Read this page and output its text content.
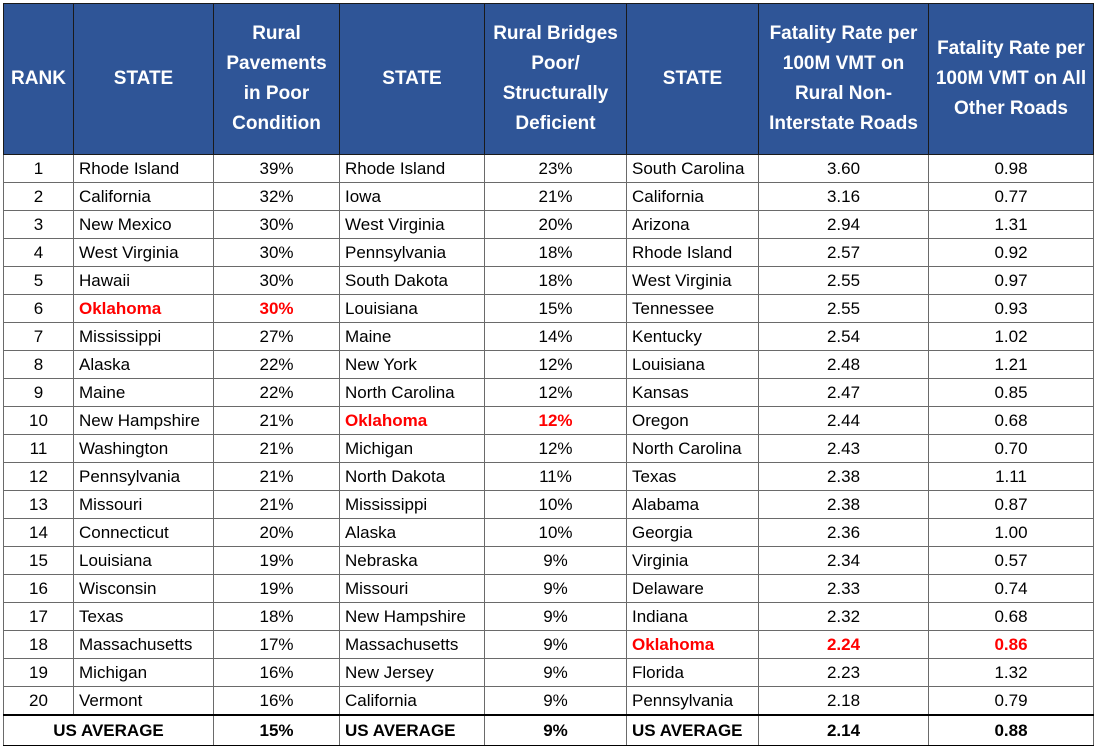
RANK	STATE	Rural Pavements in Poor Condition	STATE	Rural Bridges Poor/ Structurally Deficient	STATE	Fatality Rate per 100M VMT on Rural Non-Interstate Roads	Fatality Rate per 100M VMT on All Other Roads
1	Rhode Island	39%	Rhode Island	23%	South Carolina	3.60	0.98
2	California	32%	Iowa	21%	California	3.16	0.77
3	New Mexico	30%	West Virginia	20%	Arizona	2.94	1.31
4	West Virginia	30%	Pennsylvania	18%	Rhode Island	2.57	0.92
5	Hawaii	30%	South Dakota	18%	West Virginia	2.55	0.97
6	Oklahoma	30%	Louisiana	15%	Tennessee	2.55	0.93
7	Mississippi	27%	Maine	14%	Kentucky	2.54	1.02
8	Alaska	22%	New York	12%	Louisiana	2.48	1.21
9	Maine	22%	North Carolina	12%	Kansas	2.47	0.85
10	New Hampshire	21%	Oklahoma	12%	Oregon	2.44	0.68
11	Washington	21%	Michigan	12%	North Carolina	2.43	0.70
12	Pennsylvania	21%	North Dakota	11%	Texas	2.38	1.11
13	Missouri	21%	Mississippi	10%	Alabama	2.38	0.87
14	Connecticut	20%	Alaska	10%	Georgia	2.36	1.00
15	Louisiana	19%	Nebraska	9%	Virginia	2.34	0.57
16	Wisconsin	19%	Missouri	9%	Delaware	2.33	0.74
17	Texas	18%	New Hampshire	9%	Indiana	2.32	0.68
18	Massachusetts	17%	Massachusetts	9%	Oklahoma	2.24	0.86
19	Michigan	16%	New Jersey	9%	Florida	2.23	1.32
20	Vermont	16%	California	9%	Pennsylvania	2.18	0.79
US AVERAGE		15%	US AVERAGE	9%	US AVERAGE	2.14	0.88
